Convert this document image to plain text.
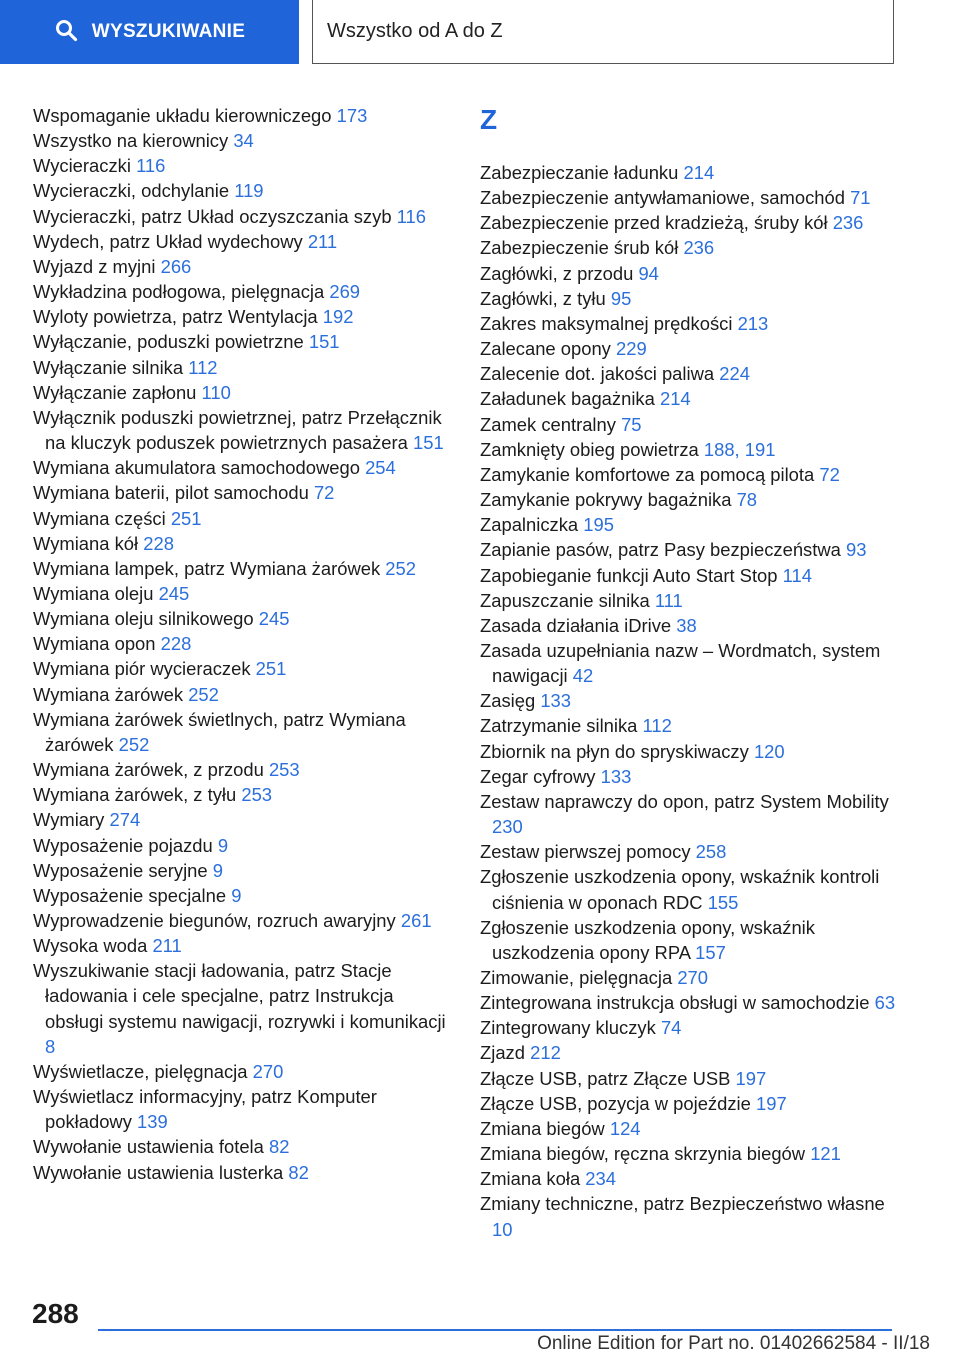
WYSZUKIWANIE	Wszystko od A do Z
Wspomaganie układu kierowniczego 173
Wszystko na kierownicy 34
Wycieraczki 116
Wycieraczki, odchylanie 119
Wycieraczki, patrz Układ oczyszczania szyb 116
Wydech, patrz Układ wydechowy 211
Wyjazd z myjni 266
Wykładzina podłogowa, pielęgnacja 269
Wyloty powietrza, patrz Wentylacja 192
Wyłączanie, poduszki powietrzne 151
Wyłączanie silnika 112
Wyłączanie zapłonu 110
Wyłącznik poduszki powietrznej, patrz Przełącznik na kluczyk poduszek powietrznych pasażera 151
Wymiana akumulatora samochodowego 254
Wymiana baterii, pilot samochodu 72
Wymiana części 251
Wymiana kół 228
Wymiana lampek, patrz Wymiana żarówek 252
Wymiana oleju 245
Wymiana oleju silnikowego 245
Wymiana opon 228
Wymiana piór wycieraczek 251
Wymiana żarówek 252
Wymiana żarówek świetlnych, patrz Wymiana żarówek 252
Wymiana żarówek, z przodu 253
Wymiana żarówek, z tyłu 253
Wymiary 274
Wyposażenie pojazdu 9
Wyposażenie seryjne 9
Wyposażenie specjalne 9
Wyprowadzenie biegunów, rozruch awaryjny 261
Wysoka woda 211
Wyszukiwanie stacji ładowania, patrz Stacje ładowania i cele specjalne, patrz Instrukcja obsługi systemu nawigacji, rozrywki i komunikacji 8
Wyświetlacze, pielęgnacja 270
Wyświetlacz informacyjny, patrz Komputer pokładowy 139
Wywołanie ustawienia fotela 82
Wywołanie ustawienia lusterka 82
Z
Zabezpieczanie ładunku 214
Zabezpieczenie antywłamaniowe, samochód 71
Zabezpieczenie przed kradzieżą, śruby kół 236
Zabezpieczenie śrub kół 236
Zagłówki, z przodu 94
Zagłówki, z tyłu 95
Zakres maksymalnej prędkości 213
Zalecane opony 229
Zalecenie dot. jakości paliwa 224
Załadunek bagażnika 214
Zamek centralny 75
Zamknięty obieg powietrza 188, 191
Zamykanie komfortowe za pomocą pilota 72
Zamykanie pokrywy bagażnika 78
Zapalniczka 195
Zapianie pasów, patrz Pasy bezpieczeństwa 93
Zapobieganie funkcji Auto Start Stop 114
Zapuszczanie silnika 111
Zasada działania iDrive 38
Zasada uzupełniania nazw – Wordmatch, system nawigacji 42
Zasięg 133
Zatrzymanie silnika 112
Zbiornik na płyn do spryskiwaczy 120
Zegar cyfrowy 133
Zestaw naprawczy do opon, patrz System Mobility 230
Zestaw pierwszej pomocy 258
Zgłoszenie uszkodzenia opony, wskaźnik kontroli ciśnienia w oponach RDC 155
Zgłoszenie uszkodzenia opony, wskaźnik uszkodzenia opony RPA 157
Zimowanie, pielęgnacja 270
Zintegrowana instrukcja obsługi w samochodzie 63
Zintegrowany kluczyk 74
Zjazd 212
Złącze USB, patrz Złącze USB 197
Złącze USB, pozycja w pojeździe 197
Zmiana biegów 124
Zmiana biegów, ręczna skrzynia biegów 121
Zmiana koła 234
Zmiany techniczne, patrz Bezpieczeństwo własne 10
288
Online Edition for Part no. 01402662584 - II/18
